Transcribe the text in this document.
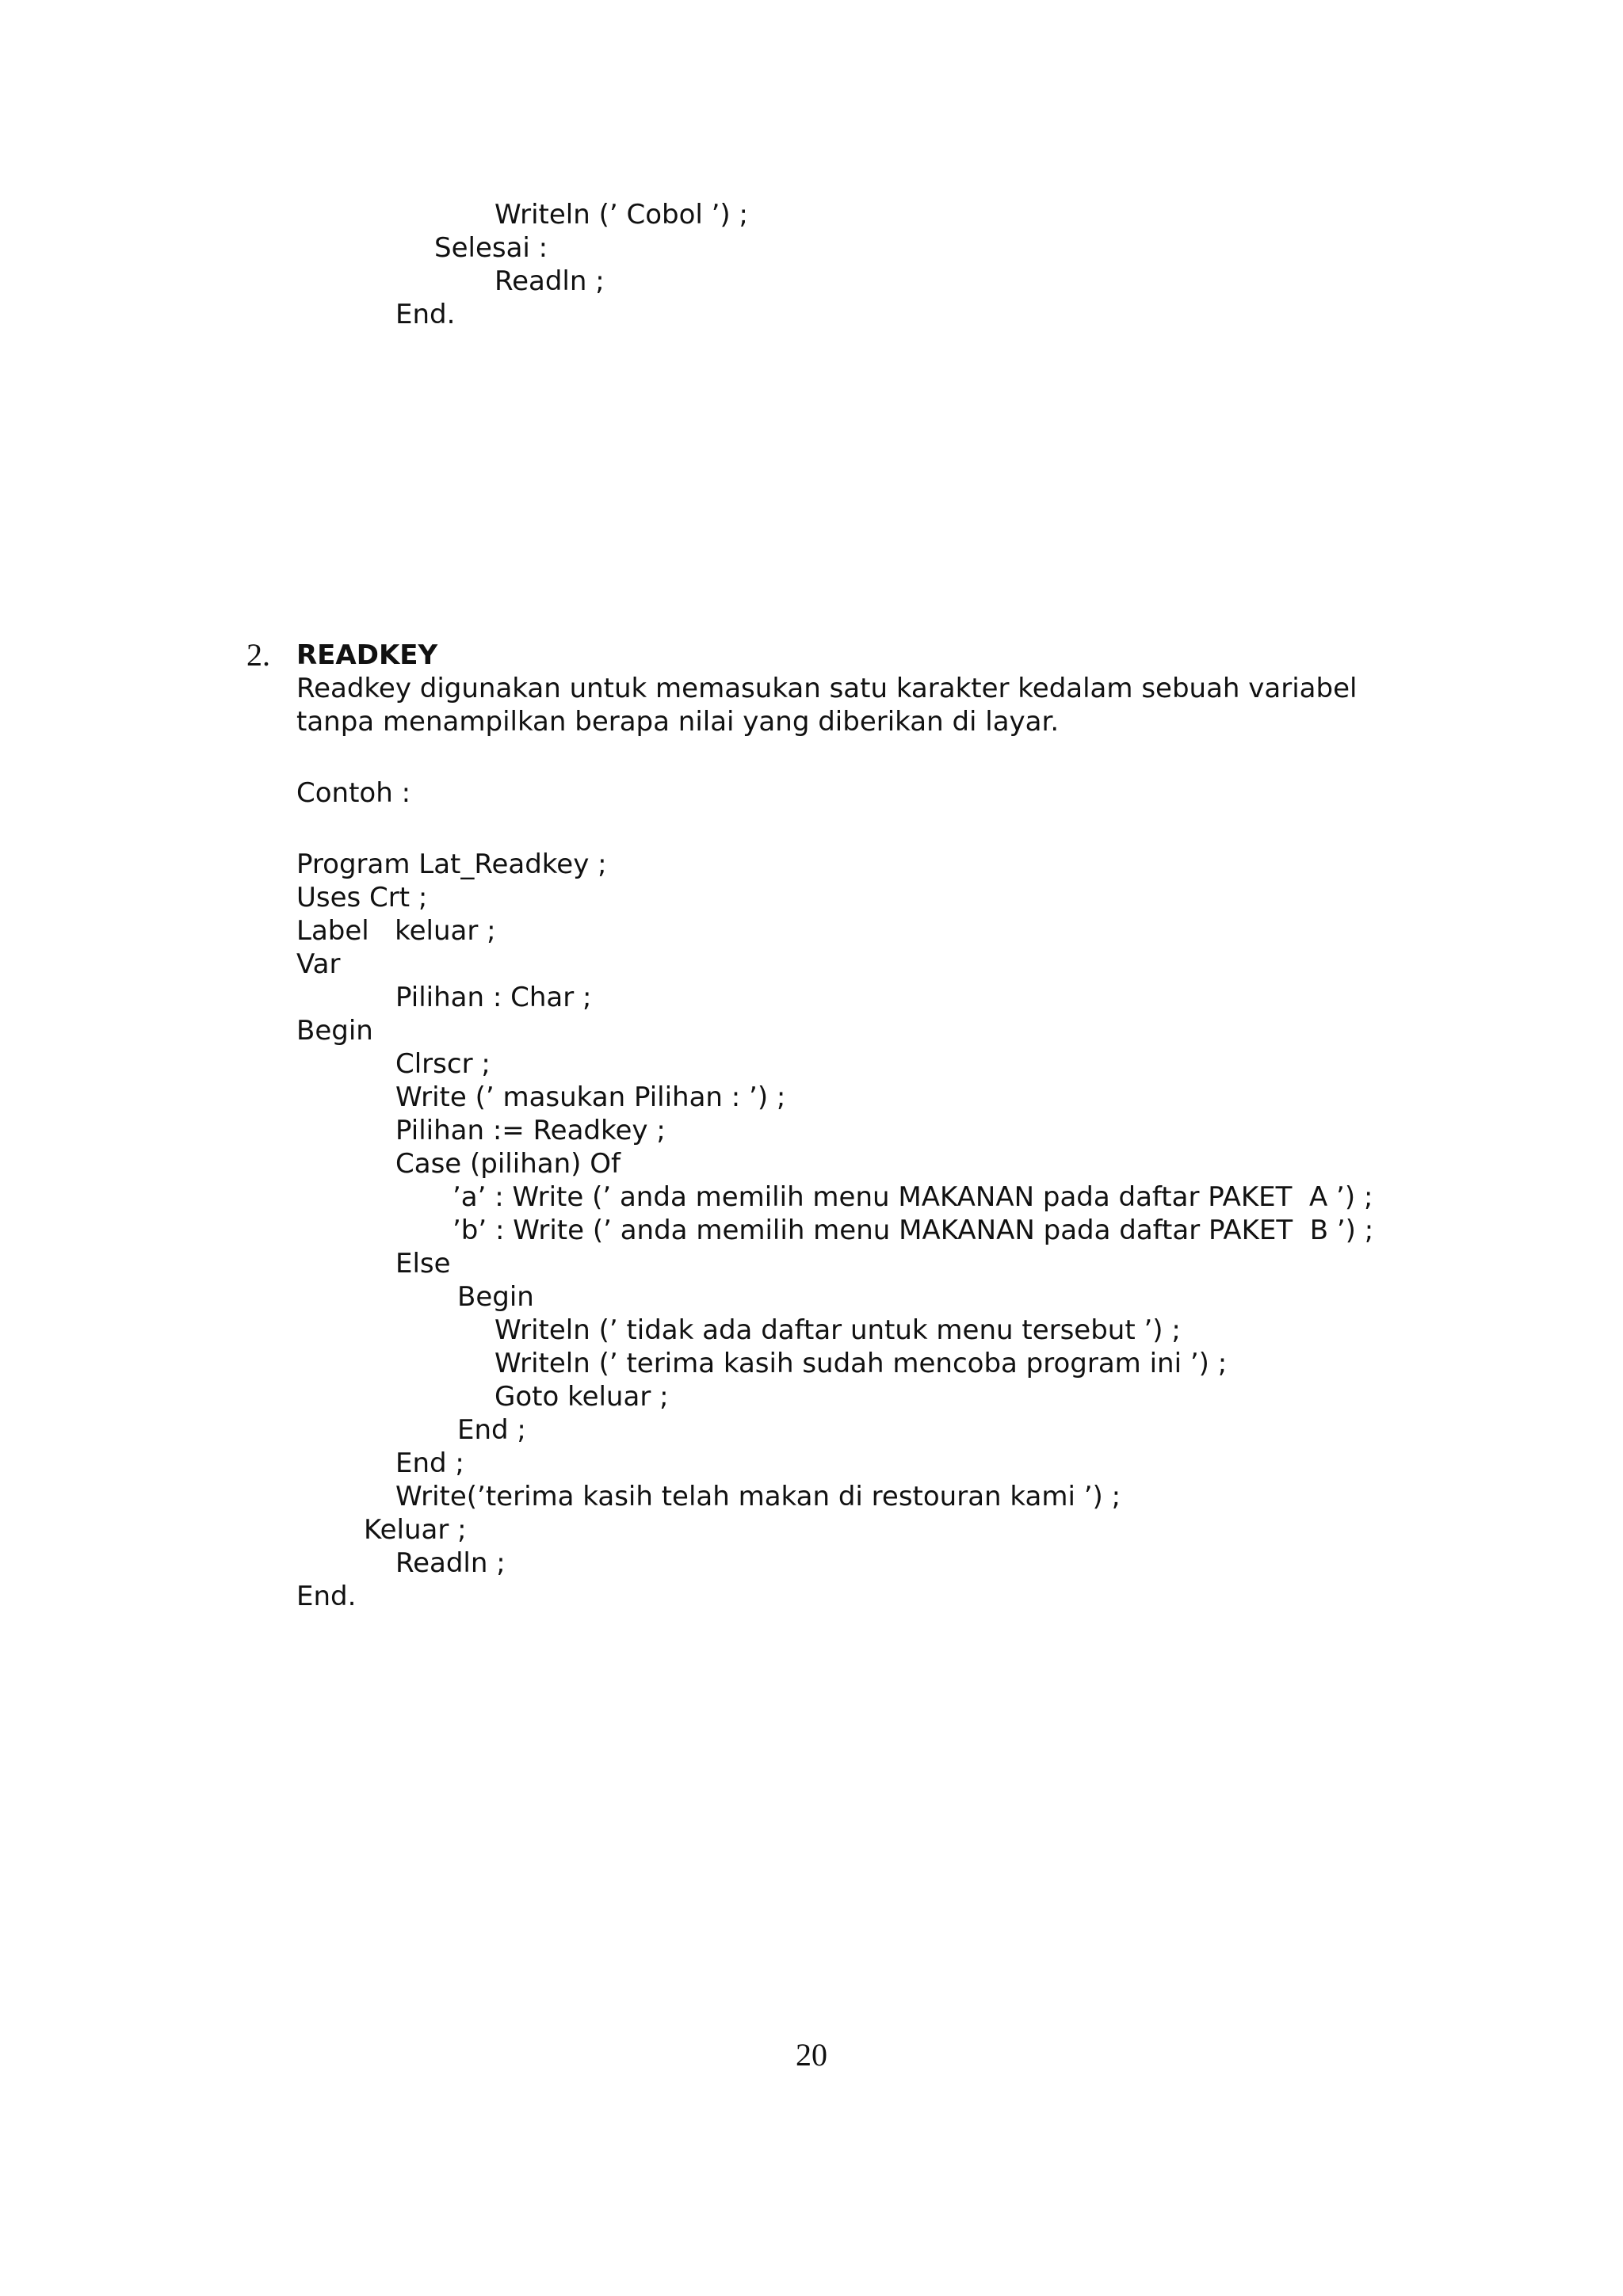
Writeln (’ Cobol ’) ;
Selesai :
Readln ;
End.
2. READKEY
Readkey digunakan untuk memasukan satu karakter kedalam sebuah variabel
tanpa menampilkan berapa nilai yang diberikan di layar.
Contoh :
Program Lat_Readkey ;
Uses Crt ;
Label   keluar ;
Var
Pilihan : Char ;
Begin
Clrscr ;
Write (’ masukan Pilihan : ’) ;
Pilihan := Readkey ;
Case (pilihan) Of
’a’ : Write (’ anda memilih menu MAKANAN pada daftar PAKET  A ’) ;
’b’ : Write (’ anda memilih menu MAKANAN pada daftar PAKET  B ’) ;
Else
Begin
Writeln (’ tidak ada daftar untuk menu tersebut ’) ;
Writeln (’ terima kasih sudah mencoba program ini ’) ;
Goto keluar ;
End ;
End ;
Write(’terima kasih telah makan di restouran kami ’) ;
Keluar ;
Readln ;
End.
20
